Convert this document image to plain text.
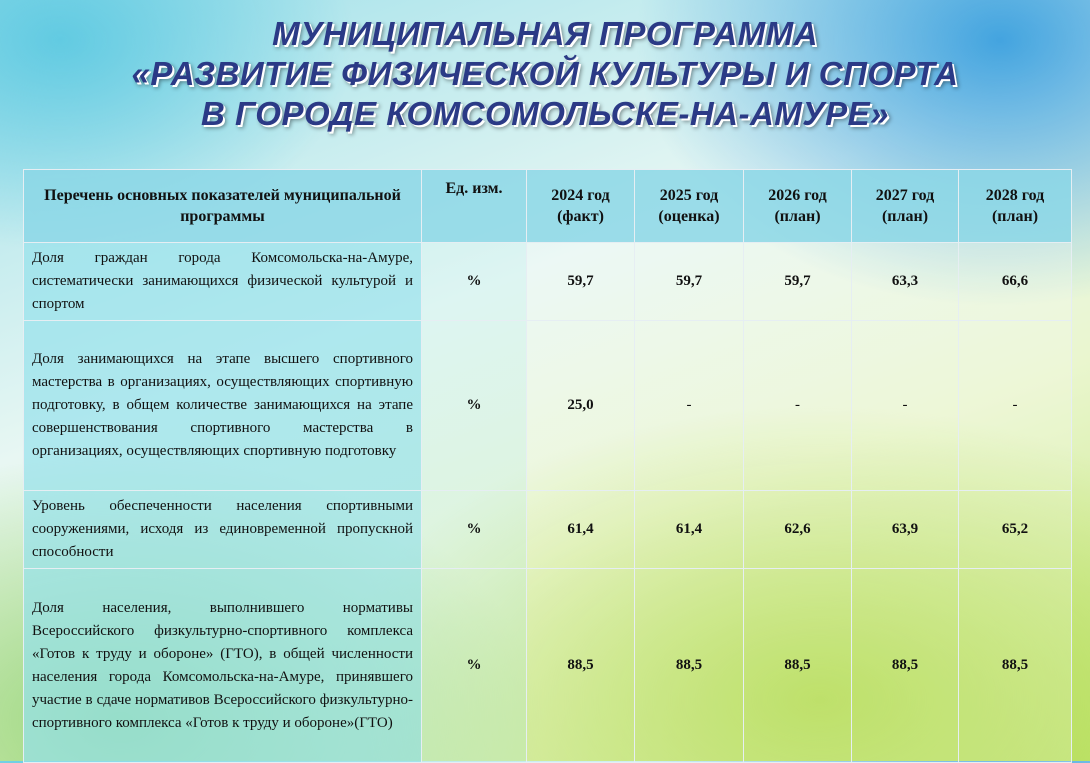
МУНИЦИПАЛЬНАЯ ПРОГРАММА
«РАЗВИТИЕ ФИЗИЧЕСКОЙ КУЛЬТУРЫ И СПОРТА
В ГОРОДЕ КОМСОМОЛЬСКЕ-НА-АМУРЕ»
Перечень основных показателей муниципальной программы	Ед. изм.	2024 год (факт)	2025 год (оценка)	2026 год (план)	2027 год (план)	2028 год (план)
Доля граждан города Комсомольска-на-Амуре, систематически занимающихся физической культурой и спортом	%	59,7	59,7	59,7	63,3	66,6
Доля занимающихся на этапе высшего спортивного мастерства в организациях, осуществляющих спортивную подготовку, в общем количестве занимающихся на этапе совершенствования спортивного мастерства в организациях, осуществляющих спортивную подготовку	%	25,0	-	-	-	-
Уровень обеспеченности населения спортивными сооружениями, исходя из единовременной пропускной способности	%	61,4	61,4	62,6	63,9	65,2
Доля населения, выполнившего нормативы Всероссийского физкультурно-спортивного комплекса «Готов к труду и обороне» (ГТО), в общей численности населения города Комсомольска-на-Амуре, принявшего участие в сдаче нормативов Всероссийского физкультурно-спортивного комплекса «Готов к труду и обороне»(ГТО)	%	88,5	88,5	88,5	88,5	88,5
